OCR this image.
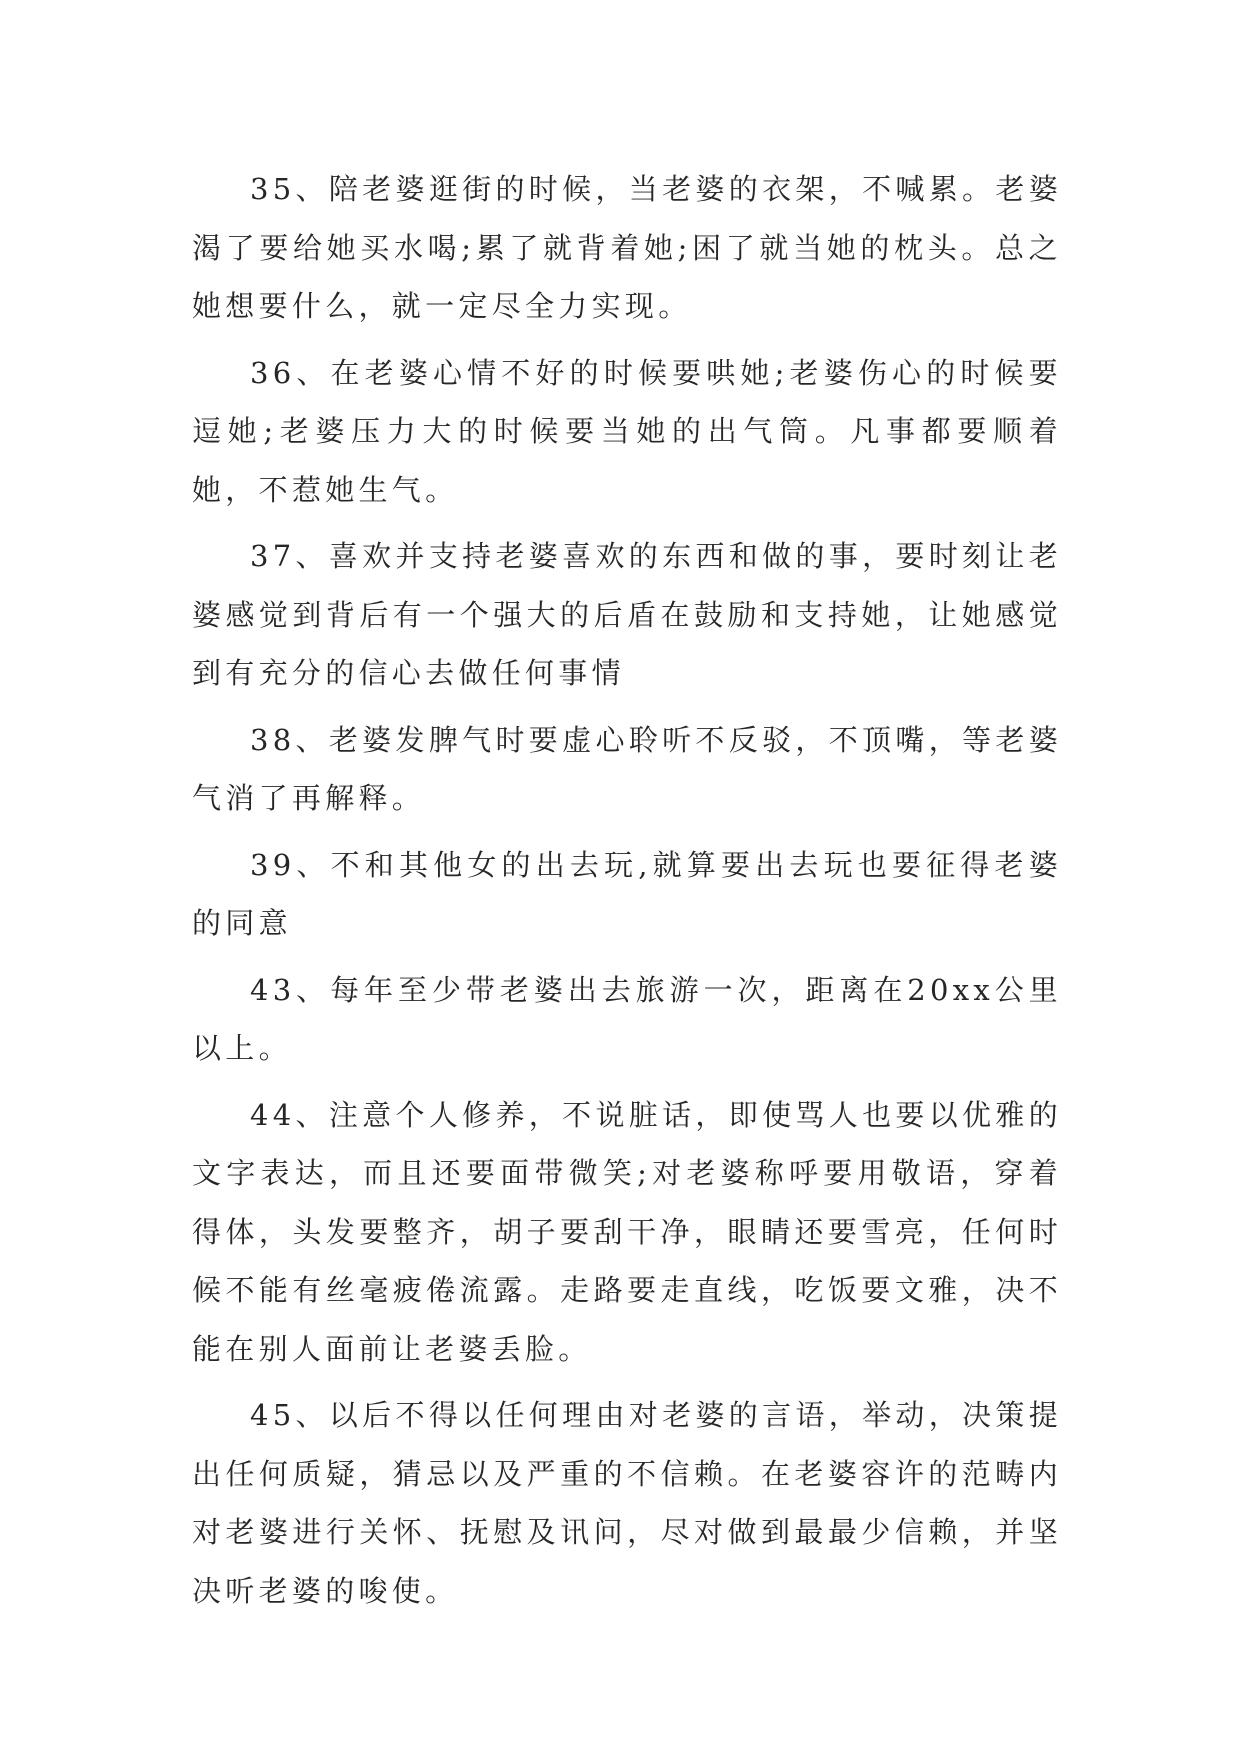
35、陪老婆逛街的时候，当老婆的衣架，不喊累。老婆渴了要给她买水喝;累了就背着她;困了就当她的枕头。总之她想要什么，就一定尽全力实现。

36、在老婆心情不好的时候要哄她;老婆伤心的时候要逗她;老婆压力大的时候要当她的出气筒。凡事都要顺着她，不惹她生气。

37、喜欢并支持老婆喜欢的东西和做的事，要时刻让老婆感觉到背后有一个强大的后盾在鼓励和支持她，让她感觉到有充分的信心去做任何事情

38、老婆发脾气时要虚心聆听不反驳，不顶嘴，等老婆气消了再解释。

39、不和其他女的出去玩,就算要出去玩也要征得老婆的同意

43、每年至少带老婆出去旅游一次，距离在20xx公里以上。

44、注意个人修养，不说脏话，即使骂人也要以优雅的文字表达，而且还要面带微笑;对老婆称呼要用敬语，穿着得体，头发要整齐，胡子要刮干净，眼睛还要雪亮，任何时候不能有丝毫疲倦流露。走路要走直线，吃饭要文雅，决不能在别人面前让老婆丢脸。

45、以后不得以任何理由对老婆的言语，举动，决策提出任何质疑，猜忌以及严重的不信赖。在老婆容许的范畴内对老婆进行关怀、抚慰及讯问，尽对做到最最少信赖，并坚决听老婆的唆使。
